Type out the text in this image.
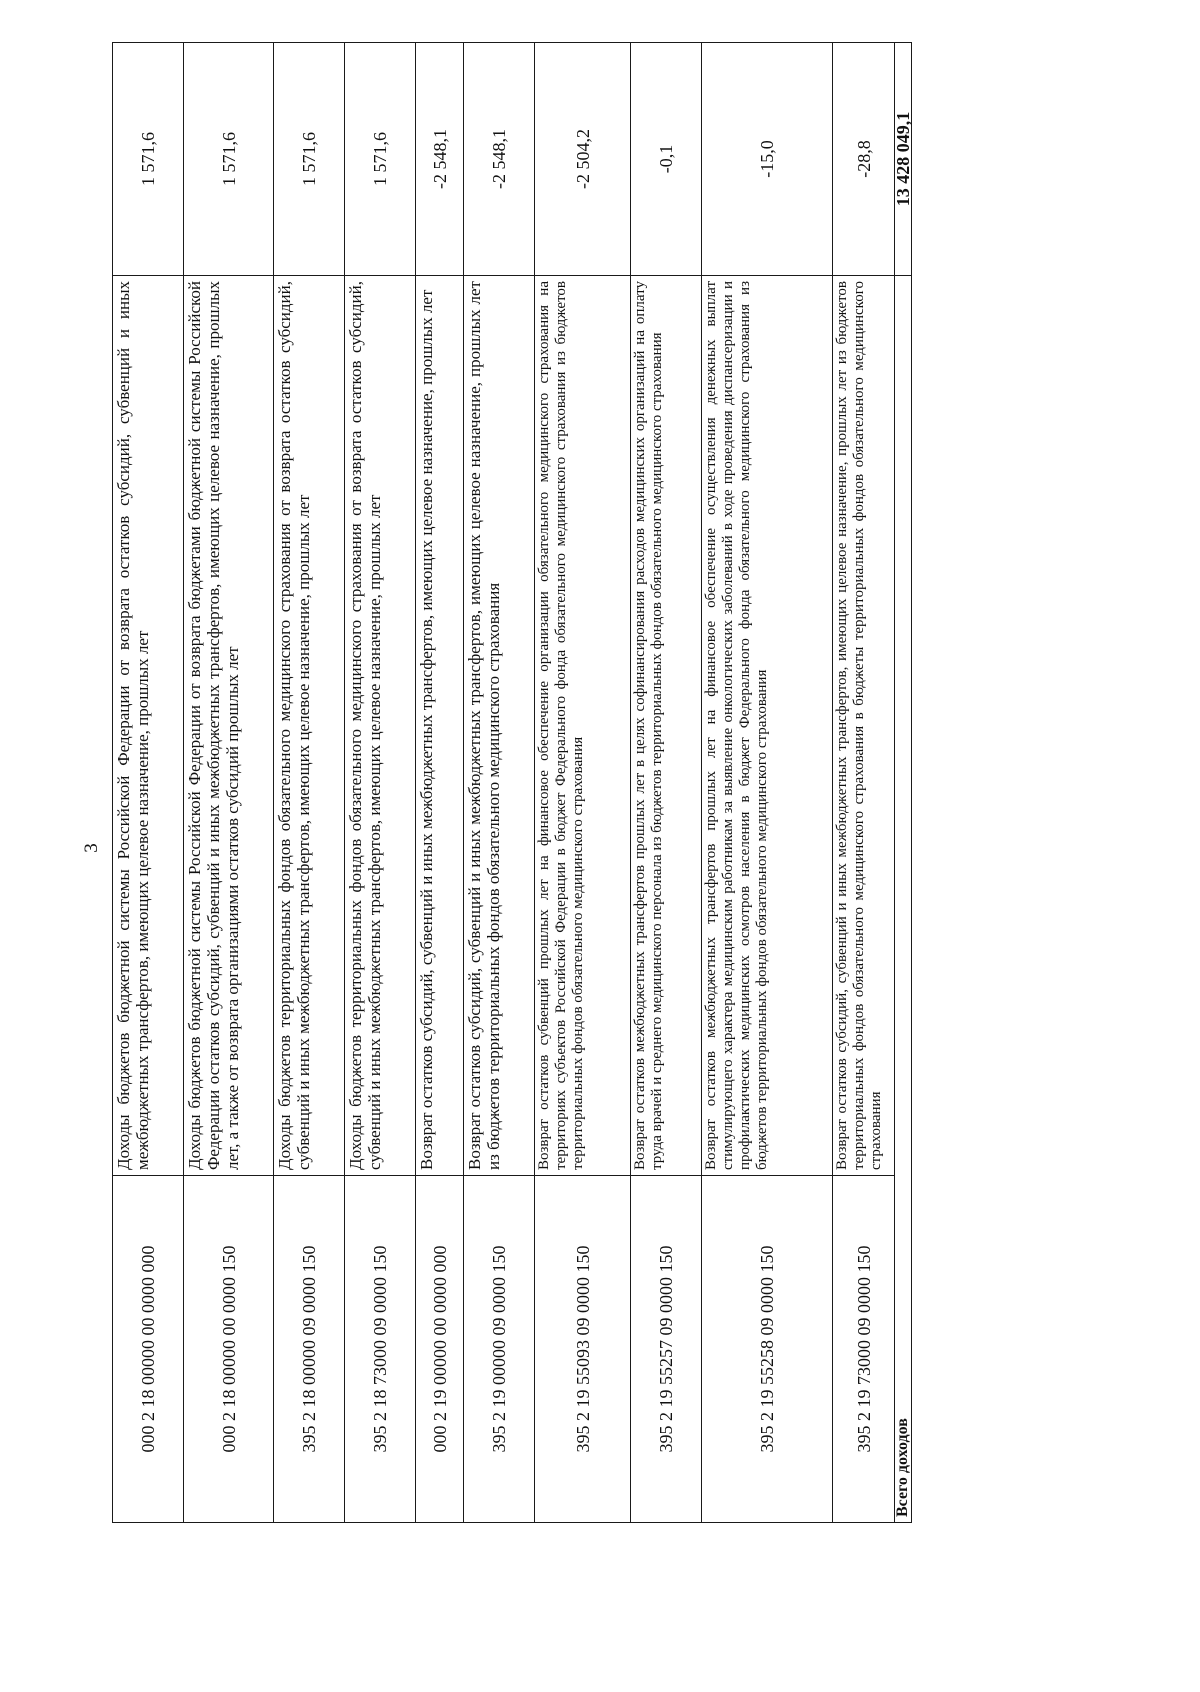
3
000 2 18 00000 00 0000 000	Доходы бюджетов бюджетной системы Российской Федерации от возврата остатков субсидий, субвенций и иных межбюджетных трансфертов, имеющих целевое назначение, прошлых лет	1 571,6
000 2 18 00000 00 0000 150	Доходы бюджетов бюджетной системы Российской Федерации от возврата бюджетами бюджетной системы Российской Федерации остатков субсидий, субвенций и иных межбюджетных трансфертов, имеющих целевое назначение, прошлых лет, а также от возврата организациями остатков субсидий прошлых лет	1 571,6
395 2 18 00000 09 0000 150	Доходы бюджетов территориальных фондов обязательного медицинского страхования от возврата остатков субсидий, субвенций и иных межбюджетных трансфертов, имеющих целевое назначение, прошлых лет	1 571,6
395 2 18 73000 09 0000 150	Доходы бюджетов территориальных фондов обязательного медицинского страхования от возврата остатков субсидий, субвенций и иных межбюджетных трансфертов, имеющих целевое назначение, прошлых лет	1 571,6
000 2 19 00000 00 0000 000	Возврат остатков субсидий, субвенций и иных межбюджетных трансфертов, имеющих целевое назначение, прошлых лет	-2 548,1
395 2 19 00000 09 0000 150	Возврат остатков субсидий, субвенций и иных межбюджетных трансфертов, имеющих целевое назначение, прошлых лет из бюджетов территориальных фондов обязательного медицинского страхования	-2 548,1
395 2 19 55093 09 0000 150	Возврат остатков субвенций прошлых лет на финансовое обеспечение организации обязательного медицинского страхования на территориях субъектов Российской Федерации в бюджет Федерального фонда обязательного медицинского страхования из бюджетов территориальных фондов обязательного медицинского страхования	-2 504,2
395 2 19 55257 09 0000 150	Возврат остатков межбюджетных трансфертов прошлых лет в целях софинансирования расходов медицинских организаций на оплату труда врачей и среднего медицинского персонала из бюджетов территориальных фондов обязательного медицинского страхования	-0,1
395 2 19 55258 09 0000 150	Возврат остатков межбюджетных трансфертов прошлых лет на финансовое обеспечение осуществления денежных выплат стимулирующего характера медицинским работникам за выявление онкологических заболеваний в ходе проведения диспансеризации и профилактических медицинских осмотров населения в бюджет Федерального фонда обязательного медицинского страхования из бюджетов территориальных фондов обязательного медицинского страхования	-15,0
395 2 19 73000 09 0000 150	Возврат остатков субсидий, субвенций и иных межбюджетных трансфертов, имеющих целевое назначение, прошлых лет из бюджетов территориальных фондов обязательного медицинского страхования в бюджеты территориальных фондов обязательного медицинского страхования	-28,8
Всего доходов		13 428 049,1
